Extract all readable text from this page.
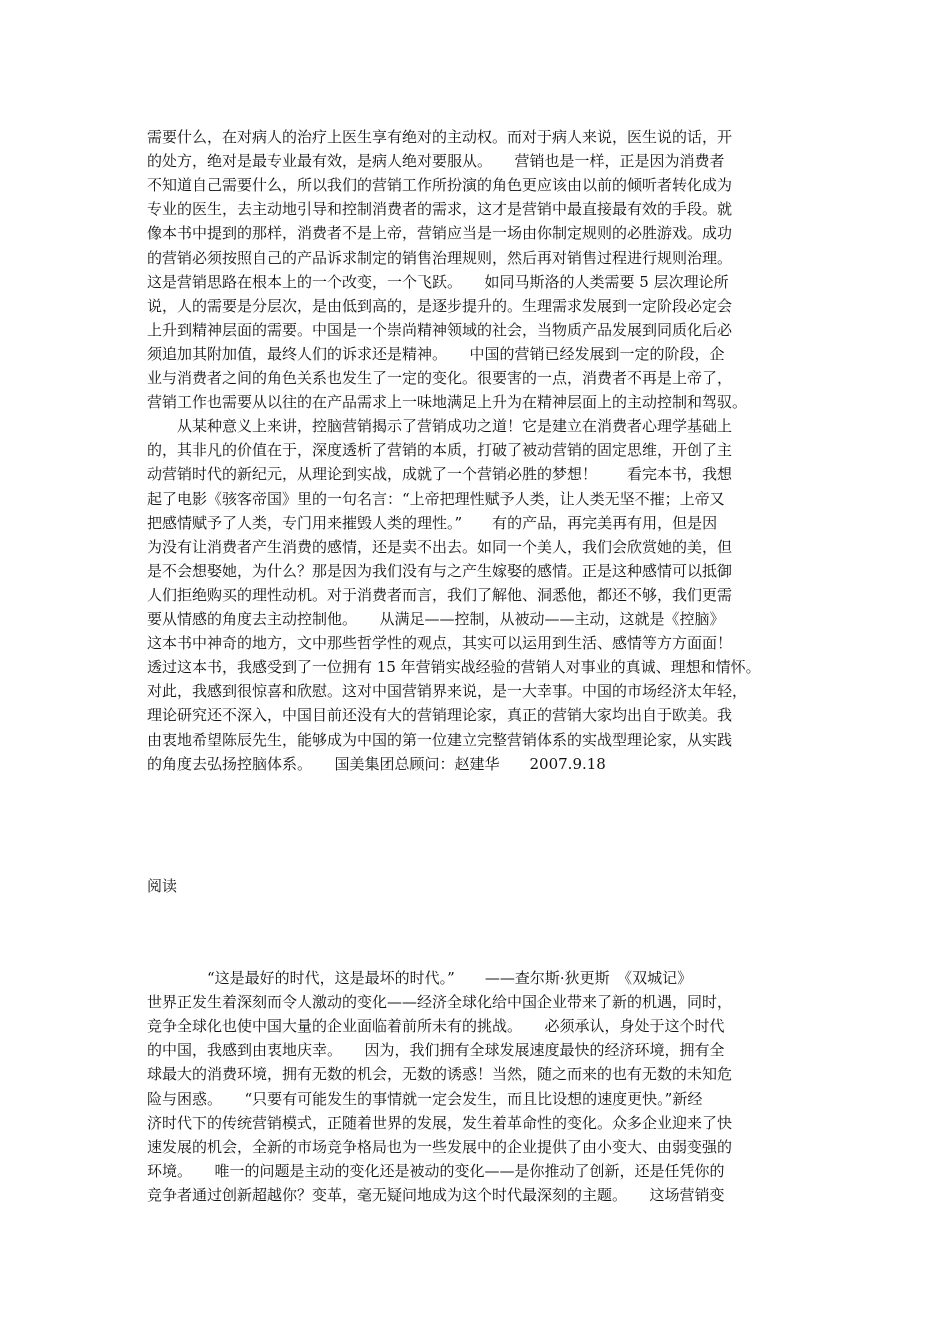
需要什么，在对病人的治疗上医生享有绝对的主动权。而对于病人来说，医生说的话，开
的处方，绝对是最专业最有效，是病人绝对要服从。　　营销也是一样，正是因为消费者
不知道自己需要什么，所以我们的营销工作所扮演的角色更应该由以前的倾听者转化成为
专业的医生，去主动地引导和控制消费者的需求，这才是营销中最直接最有效的手段。就
像本书中提到的那样，消费者不是上帝，营销应当是一场由你制定规则的必胜游戏。成功
的营销必须按照自己的产品诉求制定的销售治理规则，然后再对销售过程进行规则治理。
这是营销思路在根本上的一个改变，一个飞跃。　　如同马斯洛的人类需要 5 层次理论所
说，人的需要是分层次，是由低到高的，是逐步提升的。生理需求发展到一定阶段必定会
上升到精神层面的需要。中国是一个崇尚精神领域的社会，当物质产品发展到同质化后必
须追加其附加值，最终人们的诉求还是精神。　　中国的营销已经发展到一定的阶段，企
业与消费者之间的角色关系也发生了一定的变化。很要害的一点，消费者不再是上帝了，
营销工作也需要从以往的在产品需求上一味地满足上升为在精神层面上的主动控制和驾驭。
　　从某种意义上来讲，控脑营销揭示了营销成功之道！它是建立在消费者心理学基础上
的，其非凡的价值在于，深度透析了营销的本质，打破了被动营销的固定思维，开创了主
动营销时代的新纪元，从理论到实战，成就了一个营销必胜的梦想！　　看完本书，我想
起了电影《骇客帝国》里的一句名言：“上帝把理性赋予人类，让人类无坚不摧；上帝又
把感情赋予了人类，专门用来摧毁人类的理性。”　　有的产品，再完美再有用，但是因
为没有让消费者产生消费的感情，还是卖不出去。如同一个美人，我们会欣赏她的美，但
是不会想娶她，为什么？那是因为我们没有与之产生嫁娶的感情。正是这种感情可以抵御
人们拒绝购买的理性动机。对于消费者而言，我们了解他、洞悉他，都还不够，我们更需
要从情感的角度去主动控制他。　　从满足——控制，从被动——主动，这就是《控脑》
这本书中神奇的地方，文中那些哲学性的观点，其实可以运用到生活、感情等方方面面！
透过这本书，我感受到了一位拥有 15 年营销实战经验的营销人对事业的真诚、理想和情怀。
对此，我感到很惊喜和欣慰。这对中国营销界来说，是一大幸事。中国的市场经济太年轻，
理论研究还不深入，中国目前还没有大的营销理论家，真正的营销大家均出自于欧美。我
由衷地希望陈辰先生，能够成为中国的第一位建立完整营销体系的实战型理论家，从实践
的角度去弘扬控脑体系。　　国美集团总顾问：赵建华　　2007.9.18
阅读
　　　　“这是最好的时代，这是最坏的时代。”　　——查尔斯·狄更斯　《双城记》
世界正发生着深刻而令人激动的变化——经济全球化给中国企业带来了新的机遇，同时，
竞争全球化也使中国大量的企业面临着前所未有的挑战。　　必须承认，身处于这个时代
的中国，我感到由衷地庆幸。　　因为，我们拥有全球发展速度最快的经济环境，拥有全
球最大的消费环境，拥有无数的机会，无数的诱惑！当然，随之而来的也有无数的未知危
险与困惑。　　“只要有可能发生的事情就一定会发生，而且比设想的速度更快。”新经
济时代下的传统营销模式，正随着世界的发展，发生着革命性的变化。众多企业迎来了快
速发展的机会，全新的市场竞争格局也为一些发展中的企业提供了由小变大、由弱变强的
环境。　　唯一的问题是主动的变化还是被动的变化——是你推动了创新，还是任凭你的
竞争者通过创新超越你？变革，毫无疑问地成为这个时代最深刻的主题。　　这场营销变
